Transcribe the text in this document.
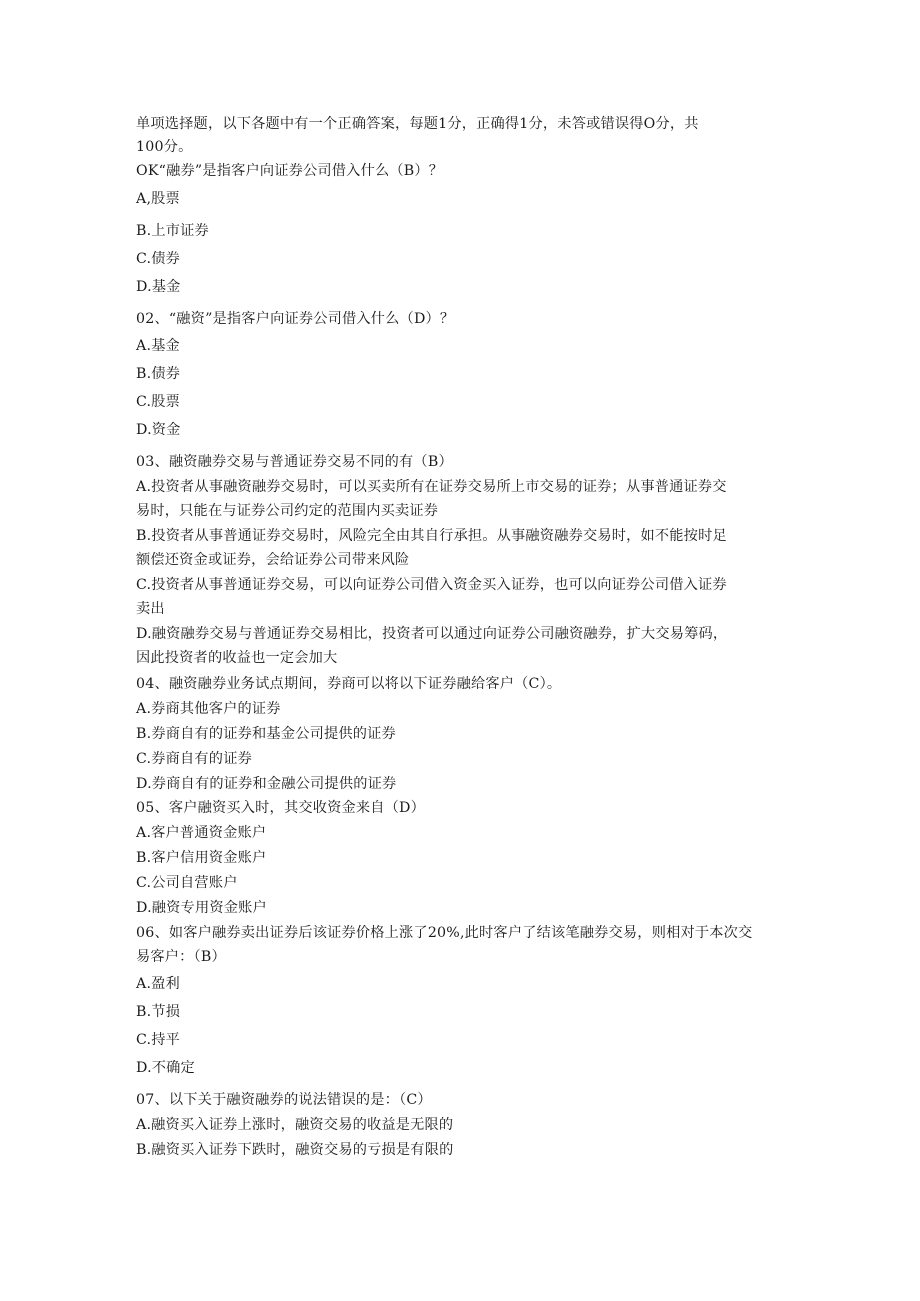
单项选择题，以下各题中有一个正确答案，每题1分，正确得1分，未答或错误得O分，共
100分。
OK“融券”是指客户向证券公司借入什么（B）？
A,股票
B.上市证券
C.债券
D.基金
02、“融资”是指客户向证券公司借入什么（D）？
A.基金
B.债券
C.股票
D.资金
03、融资融券交易与普通证券交易不同的有（B）
A.投资者从事融资融券交易时，可以买卖所有在证券交易所上市交易的证券；从事普通证券交
易时，只能在与证券公司约定的范围内买卖证券
B.投资者从事普通证券交易时，风险完全由其自行承担。从事融资融券交易时，如不能按时足
额偿还资金或证券，会给证券公司带来风险
C.投资者从事普通证券交易，可以向证券公司借入资金买入证券，也可以向证券公司借入证券
卖出
D.融资融券交易与普通证券交易相比，投资者可以通过向证券公司融资融券，扩大交易筹码，
因此投资者的收益也一定会加大
04、融资融券业务试点期间，券商可以将以下证券融给客户（C）。
A.券商其他客户的证券
B.券商自有的证券和基金公司提供的证券
C.券商自有的证券
D.券商自有的证券和金融公司提供的证券
05、客户融资买入时，其交收资金来自（D）
A.客户普通资金账户
B.客户信用资金账户
C.公司自营账户
D.融资专用资金账户
06、如客户融券卖出证券后该证券价格上涨了20%,此时客户了结该笔融券交易，则相对于本次交
易客户：（B）
A.盈利
B.节损
C.持平
D.不确定
07、以下关于融资融券的说法错误的是：（C）
A.融资买入证券上涨时，融资交易的收益是无限的
B.融资买入证券下跌时，融资交易的亏损是有限的
